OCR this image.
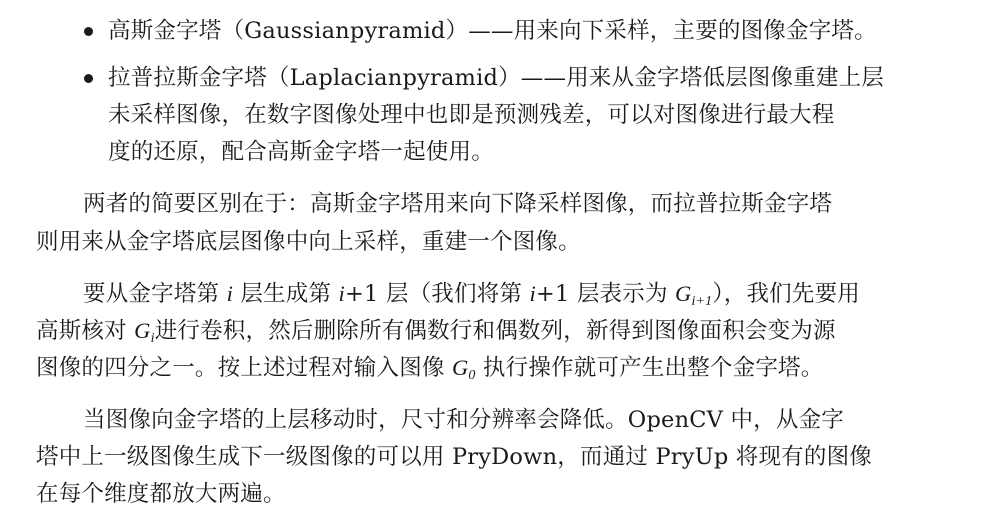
高斯金字塔（Gaussianpyramid）——用来向下采样，主要的图像金字塔。
拉普拉斯金字塔（Laplacianpyramid）——用来从金字塔低层图像重建上层
未采样图像，在数字图像处理中也即是预测残差，可以对图像进行最大程
度的还原，配合高斯金字塔一起使用。
两者的简要区别在于：高斯金字塔用来向下降采样图像，而拉普拉斯金字塔
则用来从金字塔底层图像中向上采样，重建一个图像。
要从金字塔第 i 层生成第 i+1 层（我们将第 i+1 层表示为 $G_{i+1}$），我们先要用
高斯核对 $G_i$进行卷积，然后删除所有偶数行和偶数列，新得到图像面积会变为源
图像的四分之一。按上述过程对输入图像 $G_0$ 执行操作就可产生出整个金字塔。
当图像向金字塔的上层移动时，尺寸和分辨率会降低。OpenCV 中，从金字
塔中上一级图像生成下一级图像的可以用 PryDown，而通过 PryUp 将现有的图像
在每个维度都放大两遍。
